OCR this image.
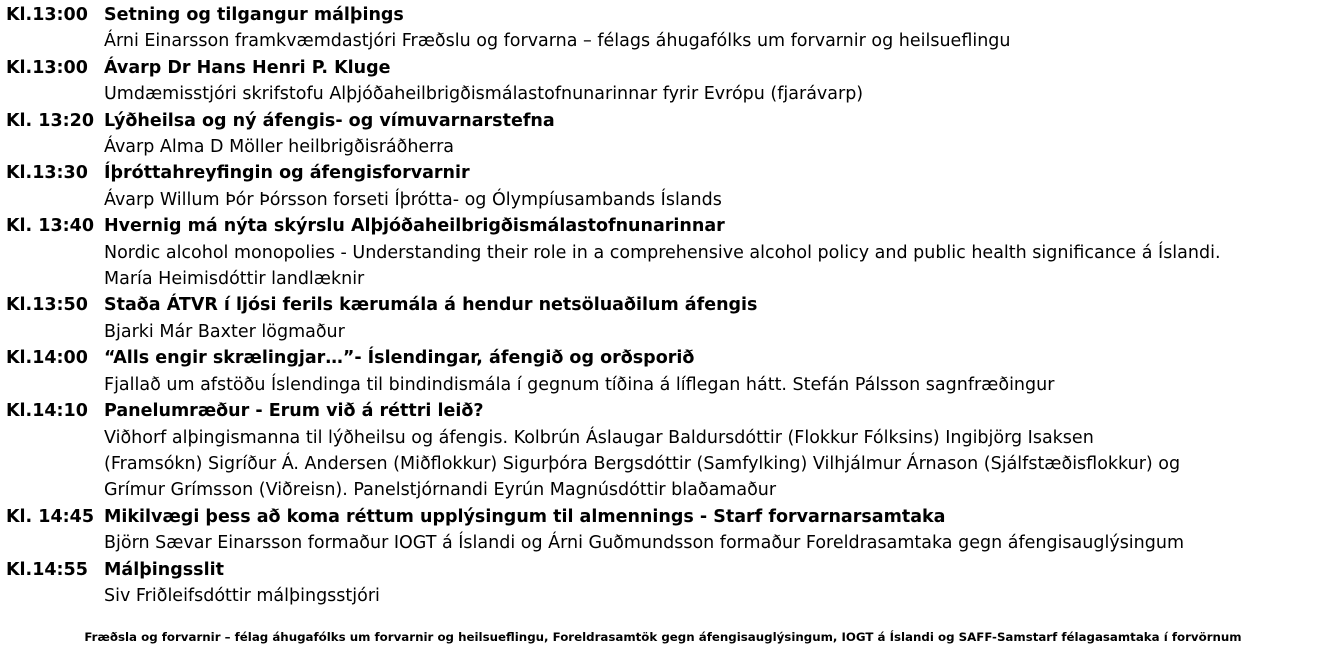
Kl.13:00 Setning og tilgangur málþings
Árni Einarsson framkvæmdastjóri Fræðslu og forvarna – félags áhugafólks um forvarnir og heilsueflingu
Kl.13:00 Ávarp Dr Hans Henri P. Kluge
Umdæmisstjóri skrifstofu Alþjóðaheilbrigðismálastofnunarinnar fyrir Evrópu (fjarávarp)
Kl. 13:20 Lýðheilsa og ný áfengis- og vímuvarnarstefna
Ávarp Alma D Möller heilbrigðisráðherra
Kl.13:30 Íþróttahreyfingin og áfengisforvarnir
Ávarp Willum Þór Þórsson forseti Íþrótta- og Ólympíusambands Íslands
Kl. 13:40 Hvernig má nýta skýrslu Alþjóðaheilbrigðismálastofnunarinnar
Nordic alcohol monopolies - Understanding their role in a comprehensive alcohol policy and public health significance á Íslandi.
María Heimisdóttir landlæknir
Kl.13:50 Staða ÁTVR í ljósi ferils kærumála á hendur netsöluaðilum áfengis
Bjarki Már Baxter lögmaður
Kl.14:00 “Alls engir skrælingjar…”- Íslendingar, áfengið og orðsporið
Fjallað um afstöðu Íslendinga til bindindismála í gegnum tíðina á líflegan hátt. Stefán Pálsson sagnfræðingur
Kl.14:10 Panelumræður - Erum við á réttri leið?
Viðhorf alþingismanna til lýðheilsu og áfengis. Kolbrún Áslaugar Baldursdóttir (Flokkur Fólksins) Ingibjörg Isaksen
(Framsókn) Sigríður Á. Andersen (Miðflokkur) Sigurþóra Bergsdóttir (Samfylking) Vilhjálmur Árnason (Sjálfstæðisflokkur) og
Grímur Grímsson (Viðreisn). Panelstjórnandi Eyrún Magnúsdóttir blaðamaður
Kl. 14:45 Mikilvægi þess að koma réttum upplýsingum til almennings - Starf forvarnarsamtaka
Björn Sævar Einarsson formaður IOGT á Íslandi og Árni Guðmundsson formaður Foreldrasamtaka gegn áfengisauglýsingum
Kl.14:55 Málþingsslit
Siv Friðleifsdóttir málþingsstjóri
Fræðsla og forvarnir – félag áhugafólks um forvarnir og heilsueflingu, Foreldrasamtök gegn áfengisauglýsingum, IOGT á Íslandi og SAFF-Samstarf félagasamtaka í forvörnum
